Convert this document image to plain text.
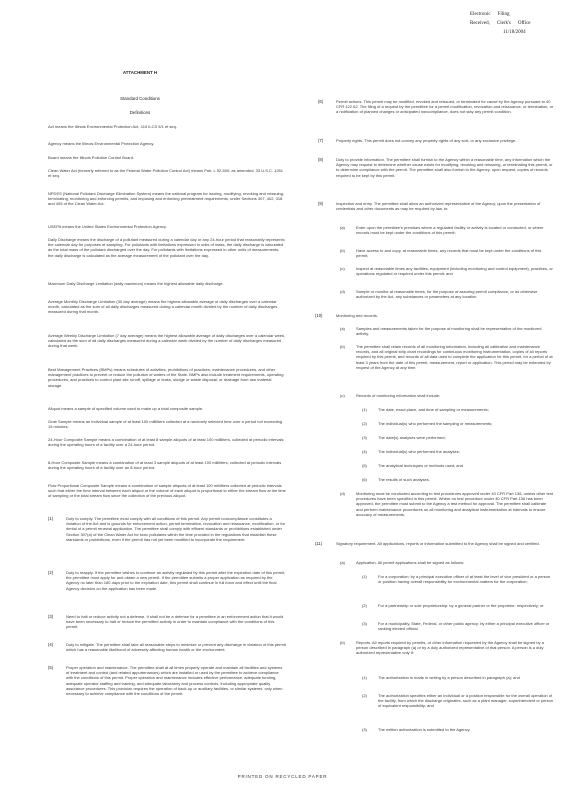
Electronic Filing
Received, Clerk's Office
11/18/2004
ATTACHMENT H
Standard Conditions
Definitions
Act means the Illinois Environmental Protection Act, 415 ILCS 5/1 et seq.
Agency means the Illinois Environmental Protection Agency.
Board means the Illinois Pollution Control Board.
Clean Water Act (formerly referred to as the Federal Water Pollution Control Act) means Pub. L 92-500, as amended. 33 U.S.C. 1251 et seq.
NPDES (National Pollutant Discharge Elimination System) means the national program for issuing, modifying, revoking and reissuing, terminating, monitoring and enforcing permits, and imposing and enforcing pretreatment requirements, under Sections 307, 402, 318 and 405 of the Clean Water Act.
USEPA means the United States Environmental Protection Agency.
Daily Discharge means the discharge of a pollutant measured during a calendar day or any 24-hour period that reasonably represents the calendar day for purposes of sampling. For pollutants with limitations expressed in units of mass, the daily discharge is calculated as the total mass of the pollutant discharged over the day. For pollutants with limitations expressed in other units of measurements, the daily discharge is calculated as the average measurement of the pollutant over the day.
Maximum Daily Discharge Limitation (daily maximum) means the highest allowable daily discharge.
Average Monthly Discharge Limitation (30 day average) means the highest allowable average of daily discharges over a calendar month, calculated as the sum of all daily discharges measured during a calendar month divided by the number of daily discharges measured during that month.
Average Weekly Discharge Limitation (7 day average) means the highest allowable average of daily discharges over a calendar week, calculated as the sum of all daily discharges measured during a calendar week divided by the number of daily discharges measured during that week.
Best Management Practices (BMPs) means schedules of activities, prohibitions of practices, maintenance procedures, and other management practices to prevent or reduce the pollution of waters of the State. BMPs also include treatment requirements, operating procedures, and practices to control plant site runoff, spillage or leaks, sludge or waste disposal, or drainage from raw material storage.
Aliquot means a sample of specified volume used to make up a total composite sample.
Grab Sample means an individual sample of at least 100 milliliters collected at a randomly selected time over a period not exceeding 15 minutes.
24-Hour Composite Sample means a combination of at least 8 sample aliquots of at least 100 milliliters, collected at periodic intervals during the operating hours of a facility over a 24-hour period.
8-Hour Composite Sample means a combination of at least 3 sample aliquots of at least 100 milliliters, collected at periodic intervals during the operating hours of a facility over an 8-hour period.
Flow Proportional Composite Sample means a combination of sample aliquots of at least 100 milliliters collected at periodic intervals such that either the time interval between each aliquot or the volume of each aliquot is proportional to either the stream flow at the time of sampling or the total stream flow since the collection of the previous aliquot.
(1)	Duty to comply. The permittee must comply with all conditions of this permit. Any permit noncompliance constitutes a violation of the Act and is grounds for enforcement action, permit termination, revocation and reissuance, modification, or for denial of a permit renewal application. The permittee shall comply with effluent standards or prohibitions established under Section 307(a) of the Clean Water Act for toxic pollutants within the time provided in the regulations that establish these standards or prohibitions, even if the permit has not yet been modified to incorporate the requirement.
(2)	Duty to reapply. If the permittee wishes to continue an activity regulated by this permit after the expiration date of this permit, the permittee must apply for and obtain a new permit. If the permittee submits a proper application as required by the Agency no later than 180 days prior to the expiration date, this permit shall continue in full force and effect until the final Agency decision on the application has been made.
(3)	Need to halt or reduce activity not a defense. It shall not be a defense for a permittee in an enforcement action that it would have been necessary to halt or reduce the permitted activity in order to maintain compliance with the conditions of this permit.
(4)	Duty to mitigate. The permittee shall take all reasonable steps to minimize or prevent any discharge in violation of this permit which has a reasonable likelihood of adversely affecting human health or the environment.
(5)	Proper operation and maintenance. The permittee shall at all times properly operate and maintain all facilities and systems of treatment and control (and related appurtenances) which are installed or used by the permittee to achieve compliance with the conditions of this permit. Proper operation and maintenance includes effective performance, adequate funding, adequate operator staffing and training, and adequate laboratory and process controls, including appropriate quality assurance procedures. This provision requires the operation of back-up or auxiliary facilities, or similar systems, only when necessary to achieve compliance with the conditions of the permit.
(6)	Permit actions. This permit may be modified, revoked and reissued, or terminated for cause by the Agency pursuant to 40 CFR 122.62. The filing of a request by the permittee for a permit modification, revocation and reissuance, or termination, or a notification of planned changes or anticipated noncompliance, does not stay any permit condition.
(7)	Property rights. This permit does not convey any property rights of any sort, or any exclusive privilege.
(8)	Duty to provide information. The permittee shall furnish to the Agency within a reasonable time, any information which the Agency may request to determine whether cause exists for modifying, revoking and reissuing, or terminating this permit, or to determine compliance with the permit. The permittee shall also furnish to the Agency, upon request, copies of records required to be kept by this permit.
(9)	Inspection and entry. The permittee shall allow an authorized representative of the Agency, upon the presentation of credentials and other documents as may be required by law, to:
(a)	Enter upon the permittee's premises where a regulated facility or activity is located or conducted, or where records must be kept under the conditions of this permit;
(b)	Have access to and copy, at reasonable times, any records that must be kept under the conditions of this permit;
(c)	Inspect at reasonable times any facilities, equipment (including monitoring and control equipment), practices, or operations regulated or required under this permit; and
(d)	Sample or monitor at reasonable times, for the purpose of assuring permit compliance, or as otherwise authorized by the Act, any substances or parameters at any location.
(10)	Monitoring and records.
(a)	Samples and measurements taken for the purpose of monitoring shall be representative of the monitored activity.
(b)	The permittee shall retain records of all monitoring information, including all calibration and maintenance records, and all original strip chart recordings for continuous monitoring instrumentation, copies of all reports required by this permit, and records of all data used to complete the application for this permit, for a period of at least 3 years from the date of this permit, measurement, report or application. This period may be extended by request of the Agency at any time.
(c)	Records of monitoring information shall include:
(1)	The date, exact place, and time of sampling or measurements;
(2)	The individual(s) who performed the sampling or measurements;
(3)	The date(s) analyses were performed;
(4)	The individual(s) who performed the analyses;
(5)	The analytical techniques or methods used; and
(6)	The results of such analyses.
(d)	Monitoring must be conducted according to test procedures approved under 40 CFR Part 136, unless other test procedures have been specified in this permit. Where no test procedure under 40 CFR Part 136 has been approved, the permittee must submit to the Agency a test method for approval. The permittee shall calibrate and perform maintenance procedures on all monitoring and analytical instrumentation at intervals to ensure accuracy of measurements.
(11)	Signatory requirement. All applications, reports or information submitted to the Agency shall be signed and certified.
(a)	Application. All permit applications shall be signed as follows:
(1)	For a corporation: by a principal executive officer of at least the level of vice president or a person or position having overall responsibility for environmental matters for the corporation;
(2)	For a partnership or sole proprietorship: by a general partner or the proprietor, respectively; or
(3)	For a municipality, State, Federal, or other public agency: by either a principal executive officer or ranking elected official.
(b)	Reports. All reports required by permits, or other information requested by the Agency shall be signed by a person described in paragraph (a) or by a duly authorized representative of that person. A person is a duly authorized representative only if:
(1)	The authorization is made in writing by a person described in paragraph (a); and
(2)	The authorization specifies either an individual or a position responsible for the overall operation of the facility, from which the discharge originates, such as a plant manager, superintendent or person of equivalent responsibility; and
(3)	The written authorization is submitted to the Agency.
PRINTED ON RECYCLED PAPER
